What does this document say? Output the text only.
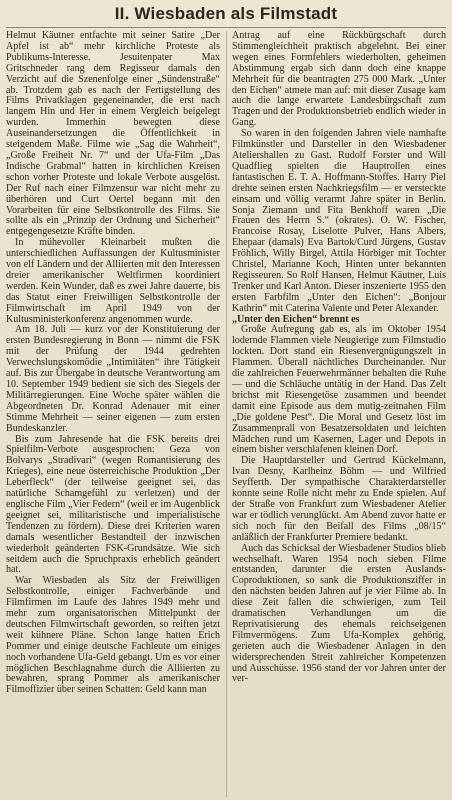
II. Wiesbaden als Filmstadt

Helmut Käutner entfachte mit seiner Satire „Der Apfel ist ab“ mehr kirchliche Proteste als Publikums-Interesse. Jesuitenpater Max Gritschneder rang dem Regisseur damals den Verzicht auf die Szenenfolge einer „Sündenstraße“ ab. Trotzdem gab es nach der Fertigstellung des Films Privatklagen gegeneinander, die erst nach langem Hin und Her in einem Vergleich beigelegt wurden. Immerhin bewegten diese Auseinandersetzungen die Öffentlichkeit in steigendem Maße. Filme wie „Sag die Wahrheit“, „Große Freiheit Nr. 7“ und der Ufa-Film „Das Indische Grabmal“ hatten in kirchlichen Kreisen schon vorher Proteste und lokale Verbote ausgelöst. Der Ruf nach einer Filmzensur war nicht mehr zu überhören und Curt Oertel begann mit den Vorarbeiten für eine Selbstkontrolle des Films. Sie sollte als ein „Prinzip der Ordnung und Sicherheit“ entgegengesetzte Kräfte binden.

In mühevoller Kleinarbeit mußten die unterschiedlichen Auffassungen der Kultusminister von elf Ländern und der Alliierten mit den Interessen dreier amerikanischer Weltfirmen koordiniert werden. Kein Wunder, daß es zwei Jahre dauerte, bis das Statut einer Freiwilligen Selbstkontrolle der Filmwirtschaft im April 1949 von der Kultusministerkonferenz angenommen wurde.

Am 18. Juli — kurz vor der Konstituierung der ersten Bundesregierung in Bonn — nimmt die FSK mit der Prüfung der 1944 gedrehten Verwechslungskomödie „Intimitäten“ ihre Tätigkeit auf. Bis zur Übergabe in deutsche Verantwortung am 10. September 1949 bedient sie sich des Siegels der Militärregierungen. Eine Woche später wählen die Abgeordneten Dr. Konrad Adenauer mit einer Stimme Mehrheit — seiner eigenen — zum ersten Bundeskanzler.

Bis zum Jahresende hat die FSK bereits drei Spielfilm-Verbote ausgesprochen: Geza von Bolvarys „Stradivari“ (wegen Romantisierung des Krieges), eine neue österreichische Produktion „Der Leberfleck“ (der teilweise geeignet sei, das natürliche Schamgefühl zu verletzen) und der englische Film „Vier Federn“ (weil er im Augenblick geeignet sei, militaristische und imperialistische Tendenzen zu fördern). Diese drei Kriterien waren damals wesentlicher Bestandteil der inzwischen wiederholt geänderten FSK-Grundsätze. Wie sich seitdem auch die Spruchpraxis erheblich geändert hat.

War Wiesbaden als Sitz der Freiwilligen Selbstkontrolle, einiger Fachverbände und Filmfirmen im Laufe des Jahres 1949 mehr und mehr zum organisatorischen Mittelpunkt der deutschen Filmwirtschaft geworden, so reiften jetzt weit kühnere Pläne. Schon lange hatten Erich Pommer und einige deutsche Fachleute um einiges noch vorhandene Ufa-Geld gebangt. Um es vor einer möglichen Beschlagnahme durch die Alliierten zu bewahren, sprang Pommer als amerikanischer Filmoffizier über seinen Schatten: Geld kann man

Antrag auf eine Rückbürgschaft durch Stimmengleichheit praktisch abgelehnt. Bei einer wegen eines Formfehlers wiederholten, geheimen Abstimmung ergab sich dann doch eine knappe Mehrheit für die beantragten 275 000 Mark. „Unter den Eichen“ atmete man auf: mit dieser Zusage kam auch die lange erwartete Landesbürgschaft zum Tragen und der Produktionsbetrieb endlich wieder in Gang.

So waren in den folgenden Jahren viele namhafte Filmkünstler und Darsteller in den Wiesbadener Ateliershallen zu Gast. Rudolf Forster und Will Quadflieg spielten die Hauptrollen eines fantastischen E. T. A. Hoffmann-Stoffes. Harry Piel drehte seinen ersten Nachkriegsfilm — er versteckte einsam und völlig verarmt Jahre später in Berlin. Sonja Ziemann und Fita Benkhoff waren „Die Frauen des Herrn S.“ (okrates). O. W. Fischer, Francoise Rosay, Liselotte Pulver, Hans Albers, Ehepaar (damals) Eva Bartok/Curd Jürgens, Gustav Fröhlich, Willy Birgel, Attila Hörbiger mit Tochter Christel, Marianne Koch, Hinten unter bekannten Regisseuren. So Rolf Hansen, Helmut Käutner, Luis Trenker und Karl Anton. Dieser inszenierte 1955 den ersten Farbfilm „Unter den Eichen“: „Bonjour Kathrin“ mit Caterina Valente und Peter Alexander.

„Unter den Eichen“ brennt es

Große Aufregung gab es, als im Oktober 1954 lodernde Flammen viele Neugierige zum Filmstudio lockten. Dort stand ein Riesenvergnügungszelt in Flammen. Überall nächtliches Durcheinander. Nur die zahlreichen Feuerwehrmänner behalten die Ruhe — und die Schläuche untätig in der Hand. Das Zelt brichst mit Riesengetöse zusammen und beendet damit eine Episode aus dem mutig-zeitnahen Film „Die goldene Pest“. Die Moral und Gesetz löst im Zusammenprall von Besatzersoldaten und leichten Mädchen rund um Kasernen, Lager und Depots in einem bisher verschlafenen kleinen Dorf.

Die Hauptdarsteller und Gertrud Kückelmann, Ivan Desny, Karlheinz Böhm — und Wilfried Seyfferth. Der sympathische Charakterdarsteller konnte seine Rolle nicht mehr zu Ende spielen. Auf der Straße von Frankfurt zum Wiesbadener Atelier war er tödlich verunglückt. Am Abend zuvor hatte er sich noch für den Beifall des Films „08/15“ anläßlich der Frankfurter Premiere bedankt.

Auch das Schicksal der Wiesbadener Studios blieb wechselhaft. Waren 1954 noch sieben Filme entstanden, darunter die ersten Auslands-Coproduktionen, so sank die Produktionsziffer in den nächsten beiden Jahren auf je vier Filme ab. In diese Zeit fallen die schwierigen, zum Teil dramatischen Verhandlungen um die Reprivatisierung des ehemals reichseigenen Filmvermögens. Zum Ufa-Komplex gehörig, gerieten auch die Wiesbadener Anlagen in den widersprechenden Streit zahlreicher Kompetenzen und Ausschüsse. 1956 stand der vor Jahren unter der ver-
